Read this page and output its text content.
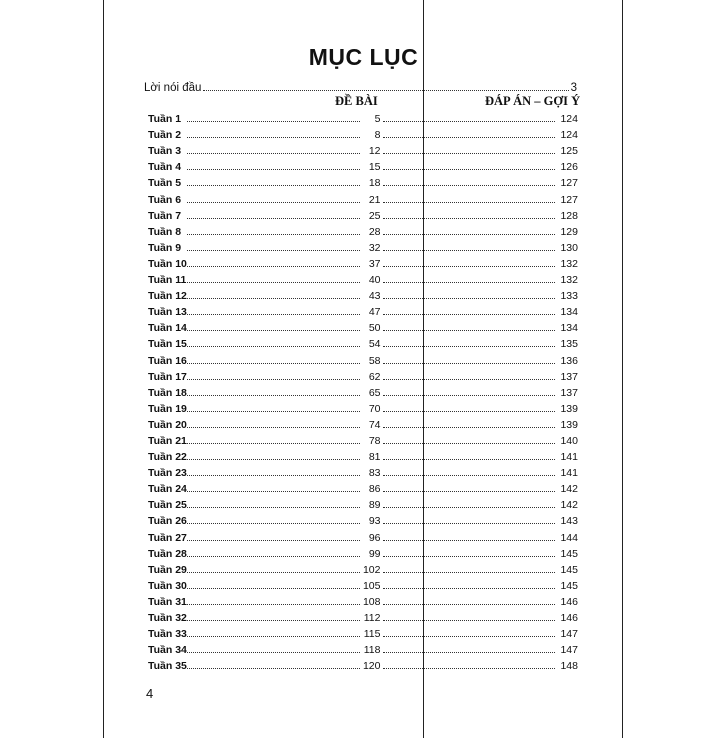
MỤC LỤC
Lời nói đầu	3
ĐỀ BÀI	ĐÁP ÁN – GỢI Ý
Tuần 1	5	124
Tuần 2	8	124
Tuần 3	12	125
Tuần 4	15	126
Tuần 5	18	127
Tuần 6	21	127
Tuần 7	25	128
Tuần 8	28	129
Tuần 9	32	130
Tuần 10	37	132
Tuần 11	40	132
Tuần 12	43	133
Tuần 13	47	134
Tuần 14	50	134
Tuần 15	54	135
Tuần 16	58	136
Tuần 17	62	137
Tuần 18	65	137
Tuần 19	70	139
Tuần 20	74	139
Tuần 21	78	140
Tuần 22	81	141
Tuần 23	83	141
Tuần 24	86	142
Tuần 25	89	142
Tuần 26	93	143
Tuần 27	96	144
Tuần 28	99	145
Tuần 29	102	145
Tuần 30	105	145
Tuần 31	108	146
Tuần 32	112	146
Tuần 33	115	147
Tuần 34	118	147
Tuần 35	120	148
4
